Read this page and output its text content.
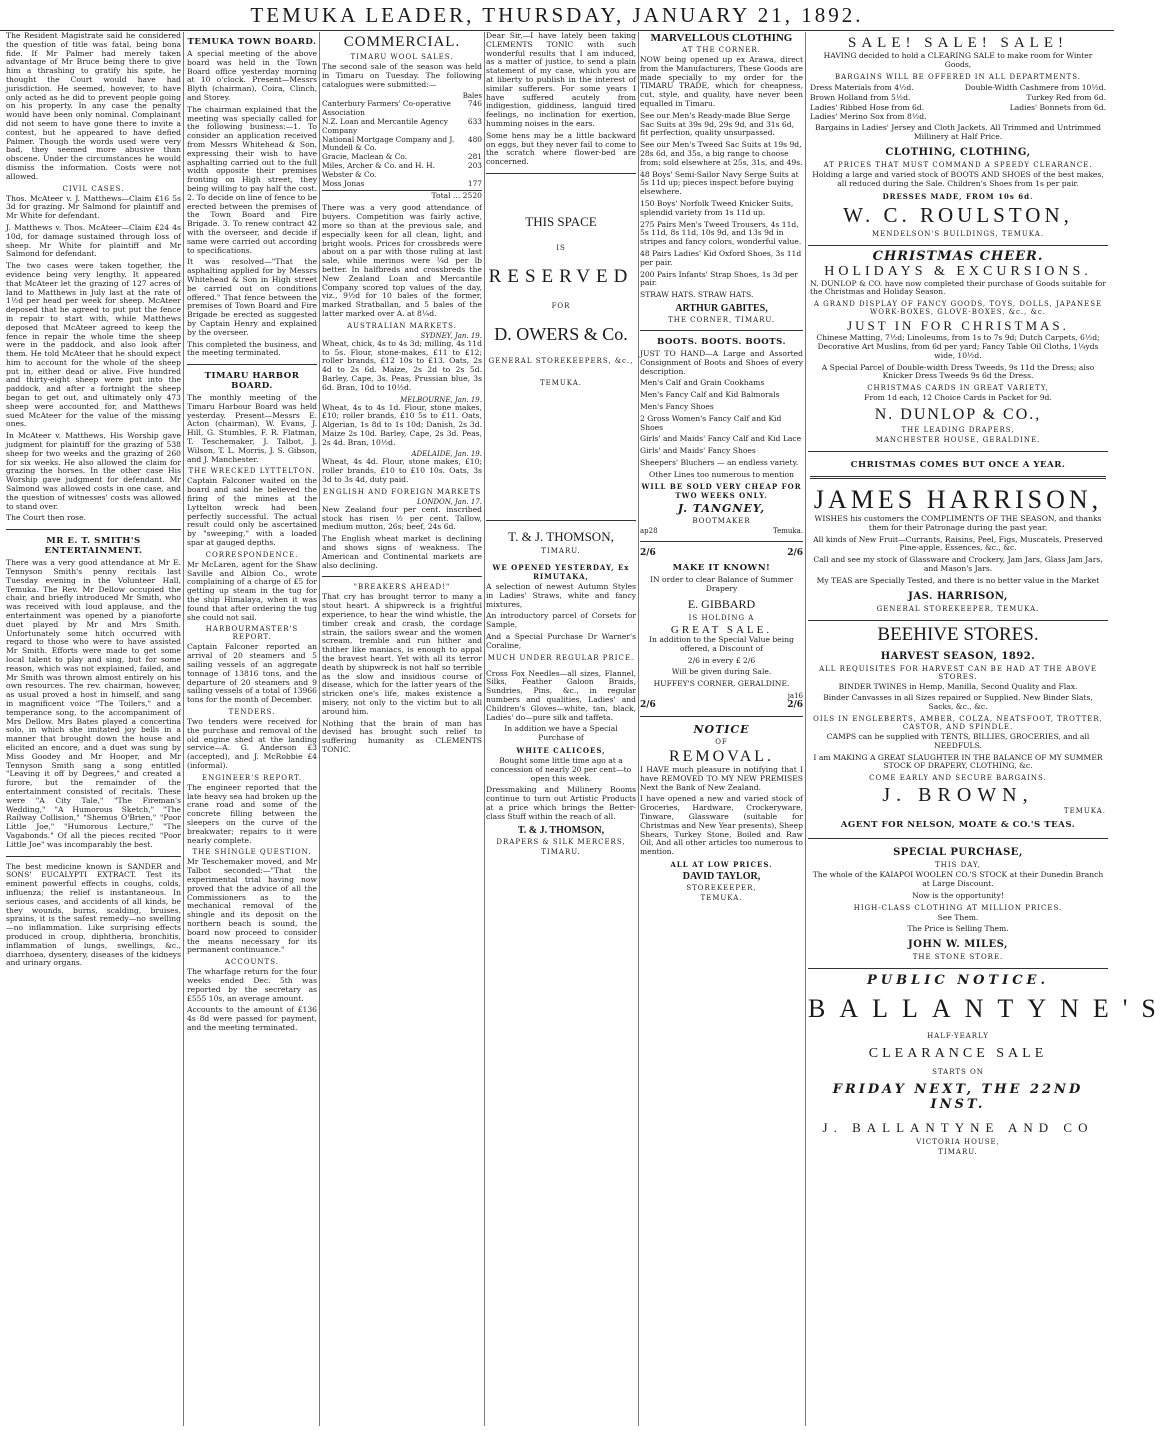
TEMUKA LEADER, THURSDAY, JANUARY 21, 1892.

The Resident Magistrate said he considered the question of title was fatal, being bona fide. If Mr Palmer had merely taken advantage of Mr Bruce being there to give him a thrashing to gratify his spite, he thought the Court would have had jurisdiction. He seemed, however, to have only acted as he did to prevent people going on his property. In any case the penalty would have been only nominal. Complainant did not seem to have gone there to invite a contest, but he appeared to have defied Palmer. Though the words used were very bad, they seemed more abusive than obscene. Under the circumstances he would dismiss the information. Costs were not allowed.

CIVIL CASES.

Thos. McAteer v. J. Matthews—Claim £16 5s 3d for grazing. Mr Salmond for plaintiff and Mr White for defendant.

J. Matthews v. Thos. McAteer—Claim £24 4s 10d, for damage sustained through loss of sheep. Mr White for plaintiff and Mr Salmond for defendant.

The two cases were taken together, the evidence being very lengthy. It appeared that McAteer let the grazing of 127 acres of land to Matthews in July last at the rate of 1½d per head per week for sheep. McAteer deposed that he agreed to put put the fence in repair to start with, while Matthews deposed that McAteer agreed to keep the fence in repair the whole time the sheep were in the paddock, and also look after them. He told McAteer that he should expect him to account for the whole of the sheep put in, either dead or alive. Five hundred and thirty-eight sheep were put into the paddock, and after a fortnight the sheep began to get out, and ultimately only 473 sheep were accounted for, and Matthews sued McAteer for the value of the missing ones.

In McAteer v. Matthews, His Worship gave judgment for plaintiff for the grazing of 538 sheep for two weeks and the grazing of 260 for six weeks. He also allowed the claim for grazing the horses. In the other case His Worship gave judgment for defendant. Mr Salmond was allowed costs in one case, and the question of witnesses' costs was allowed to stand over.

The Court then rose.

MR E. T. SMITH'S ENTERTAINMENT.

There was a very good attendance at Mr E. Tennyson Smith's penny recitals last Tuesday evening in the Volunteer Hall, Temuka. The Rev. Mr Dellow occupied the chair, and briefly introduced Mr Smith, who was received with loud applause, and the entertainment was opened by a pianoforte duet played by Mr and Mrs Smith. Unfortunately some hitch occurred with regard to those who were to have assisted Mr Smith. Efforts were made to get some local talent to play and sing, but for some reason, which was not explained, failed, and Mr Smith was thrown almost entirely on his own resources. The rev. chairman, however, as usual proved a host in himself, and sang in magnificent voice "The Toilers," and a temperance song, to the accompaniment of Mrs Dellow. Mrs Bates played a concertina solo, in which she imitated joy bells in a manner that brought down the house and elicited an encore, and a duet was sung by Miss Goodey and Mr Hooper, and Mr Tennyson Smith sang a song entitled "Leaving it off by Degrees," and created a furore, but the remainder of the entertainment consisted of recitals. These were "A City Tale," "The Fireman's Wedding," "A Humorous Sketch," "The Railway Collision," "Shemus O'Brien," "Poor Little Joe," "Humorous Lecture," "The Vagabonds." Of all the pieces recited "Poor Little Joe" was incomparably the best.

The best medicine known is SANDER and SONS' EUCALYPTI EXTRACT. Test its eminent powerful effects in coughs, colds, influenza; the relief is instantaneous. In serious cases, and accidents of all kinds, be they wounds, burns, scalding, bruises, sprains, it is the safest remedy—no swelling—no inflammation. Like surprising effects produced in croup, diphtheria, bronchitis, inflammation of lungs, swellings, &c., diarrhoea, dysentery, diseases of the kidneys and urinary organs.

TEMUKA TOWN BOARD.

A special meeting of the above board was held in the Town Board office yesterday morning at 10 o'clock. Present—Messrs Blyth (chairman), Coira, Clinch, and Storey.

The chairman explained that the meeting was specially called for the following business:—1. To consider an application received from Messrs Whitehead & Son, expressing their wish to have asphalting carried out to the full width opposite their premises fronting on High street, they being willing to pay half the cost. 2. To decide on line of fence to be erected between the premises of the Town Board and Fire Brigade. 3. To renew contract 42 with the overseer, and decide if same were carried out according to specifications.

It was resolved—"That the asphalting applied for by Messrs Whitehead & Son in High street be carried out on conditions offered." That fence between the premises of Town Board and Fire Brigade be erected as suggested by Captain Henry and explained by the overseer.

This completed the business, and the meeting terminated.

TIMARU HARBOR BOARD.

The monthly meeting of the Timaru Harbour Board was held yesterday. Present—Messrs E. Acton (chairman), W. Evans, J. Hill, G. Stumbles, F. R. Flatman, T. Teschemaker, J. Talbot, J. Wilson, T. L. Morris, J. S. Gibson, and J. Manchester.

THE WRECKED LYTTELTON.

Captain Falconer waited on the board and said he believed the firing of the mines at the Lyttelton wreck had been perfectly successful. The actual result could only be ascertained by "sweeping," with a loaded spar at gauged depths.

CORRESPONDENCE.

Mr McLaren, agent for the Shaw Saville and Albion Co., wrote complaining of a charge of £5 for getting up steam in the tug for the ship Himalaya, when it was found that after ordering the tug she could not sail.

HARBOURMASTER'S REPORT.

Captain Falconer reported an arrival of 20 steamers and 5 sailing vessels of an aggregate tonnage of 13816 tons, and the departure of 20 steamers and 9 sailing vessels of a total of 13966 tons for the month of December.

TENDERS.

Two tenders were received for the purchase and removal of the old engine shed at the landing service—A. G. Anderson £3 (accepted), and J. McRobbie £4 (informal).

ENGINEER'S REPORT.

The engineer reported that the late heavy sea had broken up the crane road and some of the concrete filling between the sleepers on the curve of the breakwater; repairs to it were nearly complete.

THE SHINGLE QUESTION.

Mr Teschemaker moved, and Mr Talbot seconded:—"That the experimental trial having now proved that the advice of all the Commissioners as to the mechanical removal of the shingle and its deposit on the northern beach is sound, the board now proceed to consider the means necessary for its permanent continuance."

ACCOUNTS.

The wharfage return for the four weeks ended Dec. 5th was reported by the secretary as £555 10s, an average amount.

Accounts to the amount of £136 4s 8d were passed for payment, and the meeting terminated.

COMMERCIAL.
TIMARU WOOL SALES.

The second sale of the season was held in Timaru on Tuesday. The following catalogues were submitted:—

Bales
Canterbury Farmers' Co-operative Association
746
N.Z. Loan and Mercantile Agency Company
633
National Mortgage Company and J. Mundell & Co.
480
Gracie, Maclean & Co.	281
Miles, Archer & Co. and H. H. Webster & Co.
203
Moss Jonas	177
Total ... 2520

There was a very good attendance of buyers. Competition was fairly active, more so than at the previous sale, and especially keen for all clean, light, and bright wools. Prices for crossbreds were about on a par with those ruling at last sale, while merinos were ¼d per lb better. In halfbreds and crossbreds the New Zealand Loan and Mercantile Company scored top values of the day, viz., 9½d for 10 bales of the former, marked Stratballan, and 5 bales of the latter marked over A. at 8¼d.

AUSTRALIAN MARKETS.
SYDNEY, Jan. 19.

Wheat, chick, 4s to 4s 3d; milling, 4s 11d to 5s. Flour, stone-makes, £11 to £12; roller brands, £12 10s to £13. Oats, 2s 4d to 2s 6d. Maize, 2s 2d to 2s 5d. Barley, Cape, 3s. Peas, Prussian blue, 3s 6d. Bran, 10d to 10½d.

MELBOURNE, Jan. 19.

Wheat, 4s to 4s 1d. Flour, stone makes, £10; roller brands, £10 5s to £11. Oats, Algerian, 1s 8d to 1s 10d; Danish, 2s 3d. Maize 2s 10d. Barley, Cape, 2s 3d. Peas, 2s 4d. Bran, 10½d.

ADELAIDE, Jan. 19.

Wheat, 4s 4d. Flour, stone makes, £10; roller brands, £10 to £10 10s. Oats, 3s 3d to 3s 4d, duty paid.

ENGLISH AND FOREIGN MARKETS
LONDON, Jan. 17.

New Zealand four per cent. inscribed stock has risen ½ per cent. Tallow, medium mutton, 26s; beef, 24s 6d.

The English wheat market is declining and shows signs of weakness. The American and Continental markets are also declining.

"BREAKERS AHEAD!"

That cry has brought terror to many a stout heart. A shipwreck is a frightful experience, to hear the wind whistle, the timber creak and crash, the cordage strain, the sailors swear and the women scream, tremble and run hither and thither like maniacs, is enough to appal the bravest heart. Yet with all its terror death by shipwreck is not half so terrible as the slow and insidious course of disease, which for the latter years of the stricken one's life, makes existence a misery, not only to the victim but to all around him.

Nothing that the brain of man has devised has brought such relief to suffering humanity as CLEMENTS TONIC.

Dear Sir,—I have lately been taking CLEMENTS TONIC with such wonderful results that I am induced, as a matter of justice, to send a plain statement of my case, which you are at liberty to publish in the interest of similar sufferers. For some years I have suffered acutely from indigestion, giddiness, languid tired feelings, no inclination for exertion, humming noises in the ears.

Some hens may be a little backward on eggs, but they never fail to come to the scratch where flower-bed are concerned.

THIS SPACE
IS
RESERVED
FOR
D. OWERS & Co.
GENERAL STOREKEEPERS, &c.,
TEMUKA.
T. & J. THOMSON,
TIMARU.
WE OPENED YESTERDAY, Ex RIMUTAKA,

A selection of newest Autumn Styles in Ladies' Straws, white and fancy mixtures,

An introductory parcel of Corsets for Sample,

And a Special Purchase Dr Warner's Coraline,

MUCH UNDER REGULAR PRICE.

Cross Fox Needles—all sizes, Flannel, Silks, Feather Galoon Braids, Sundries, Pins, &c., in regular numbers and qualities, Ladies' and Children's Gloves—white, tan, black, Ladies' do—pure silk and taffeta.

In addition we have a Special Purchase of

WHITE CALICOES,

Bought some little time ago at a concession of nearly 20 per cent—to open this week.

Dressmaking and Millinery Rooms continue to turn out Artistic Products at a price which brings the Better-class Stuff within the reach of all.

T. & J. THOMSON,
DRAPERS & SILK MERCERS,
TIMARU.
MARVELLOUS CLOTHING
AT THE CORNER.

NOW being opened up ex Arawa, direct from the Manufacturers, These Goods are made specially to my order for the TIMARU TRADE, which for cheapness, cut, style, and quality, have never been equalled in Timaru.

See our Men's Ready-made Blue Serge Sac Suits at 39s 9d, 29s 9d, and 31s 6d, fit perfection, quality unsurpassed.

See our Men's Tweed Sac Suits at 19s 9d, 28s 6d, and 35s, a big range to choose from; sold elsewhere at 25s, 31s, and 49s.

48 Boys' Semi-Sailor Navy Serge Suits at 5s 11d up; pieces inspect before buying elsewhere.

150 Boys' Norfolk Tweed Knicker Suits, splendid variety from 1s 11d up.

275 Pairs Men's Tweed Trousers, 4s 11d, 5s 11d, 8s 11d, 10s 9d, and 13s 9d in stripes and fancy colors, wonderful value.

48 Pairs Ladies' Kid Oxford Shoes, 3s 11d per pair.

200 Pairs Infants' Strap Shoes, 1s 3d per pair.

STRAW HATS. STRAW HATS.

ARTHUR GABITES,
THE CORNER, TIMARU.
BOOTS. BOOTS. BOOTS.

JUST TO HAND—A Large and Assorted Consignment of Boots and Shoes of every description.

Men's Calf and Grain Cookhams

Men's Fancy Calf and Kid Balmorals

Men's Fancy Shoes

2 Gross Women's Fancy Calf and Kid Shoes

Girls' and Maids' Fancy Calf and Kid Lace

Girls' and Maids' Fancy Shoes

Sheepers' Bluchers — an endless variety.

Other Lines too numerous to mention

WILL BE SOLD VERY CHEAP FOR TWO WEEKS ONLY.
J. TANGNEY,
BOOTMAKER
ap28	Temuka.
2/6	2/6
MAKE IT KNOWN!

IN order to clear Balance of Summer Drapery

E. GIBBARD
IS HOLDING A
GREAT SALE.

In addition to the Special Value being offered, a Discount of

2/6 in every £ 2/6

Will be given during Sale.

HUFFEY'S CORNER, GERALDINE.

ja16
2/6	2/6
NOTICE
OF
REMOVAL.

I HAVE much pleasure in notifying that I have REMOVED TO MY NEW PREMISES Next the Bank of New Zealand.

I have opened a new and varied stock of Groceries, Hardware, Crockeryware, Tinware, Glassware (suitable for Christmas and New Year presents), Sheep Shears, Turkey Stone, Boiled and Raw Oil, And all other articles too numerous to mention.

ALL AT LOW PRICES.
DAVID TAYLOR,
STOREKEEPER,
TEMUKA.
SALE! SALE! SALE!

HAVING decided to hold a CLEARING SALE to make room for Winter Goods,

BARGAINS WILL BE OFFERED IN ALL DEPARTMENTS.
Dress Materials from 4½d.	Double-Width Cashmere from 10½d.
Brown Holland from 5½d.	Turkey Red from 6d.
Ladies' Ribbed Hose from 6d.	Ladies' Bonnets from 6d.

Ladies' Merino Sox from 8½d.

Bargains in Ladies' Jersey and Cloth Jackets. All Trimmed and Untrimmed Millinery at Half Price.

CLOTHING, CLOTHING,
AT PRICES THAT MUST COMMAND A SPEEDY CLEARANCE.

Holding a large and varied stock of BOOTS AND SHOES of the best makes, all reduced during the Sale. Children's Shoes from 1s per pair.

DRESSES MADE, FROM 10s 6d.
W. C. ROULSTON,
MENDELSON'S BUILDINGS, TEMUKA.
CHRISTMAS CHEER.
HOLIDAYS & EXCURSIONS.

N. DUNLOP & CO. have now completed their purchase of Goods suitable for the Christmas and Holiday Season.

A GRAND DISPLAY OF FANCY GOODS, TOYS, DOLLS, JAPANESE WORK-BOXES, GLOVE-BOXES, &c., &c.
JUST IN FOR CHRISTMAS.

Chinese Matting, 7½d; Linoleums, from 1s to 7s 9d; Dutch Carpets, 6½d; Decorative Art Muslins, from 6d per yard; Fancy Table Oil Cloths, 1¼yds wide, 10½d.

A Special Parcel of Double-width Dress Tweeds, 9s 11d the Dress; also Knicker Dress Tweeds 9s 6d the Dress.

CHRISTMAS CARDS IN GREAT VARIETY,

From 1d each, 12 Choice Cards in Packet for 9d.

N. DUNLOP & CO.,
THE LEADING DRAPERS,
MANCHESTER HOUSE, GERALDINE.
CHRISTMAS COMES BUT ONCE A YEAR.
JAMES HARRISON,

WISHES his customers the COMPLIMENTS OF THE SEASON, and thanks them for their Patronage during the past year.

All kinds of New Fruit—Currants, Raisins, Peel, Figs, Muscatels, Preserved Pine-apple, Essences, &c., &c.

Call and see my stock of Glassware and Crockery, Jam Jars, Glass Jam Jars, and Mason's Jars.

My TEAS are Specially Tested, and there is no better value in the Market

JAS. HARRISON,
GENERAL STOREKEEPER, TEMUKA.
BEEHIVE STORES.
HARVEST SEASON, 1892.
ALL REQUISITES FOR HARVEST CAN BE HAD AT THE ABOVE STORES.

BINDER TWINES in Hemp, Manilla, Second Quality and Flax.

Binder Canvasses in all Sizes repaired or Supplied. New Binder Slats, Sacks, &c., &c.

OILS IN ENGLEBERTS, AMBER, COLZA, NEATSFOOT, TROTTER, CASTOR, AND SPINDLE.

CAMPS can be supplied with TENTS, BILLIES, GROCERIES, and all NEEDFULS.

I am MAKING A GREAT SLAUGHTER IN THE BALANCE OF MY SUMMER STOCK OF DRAPERY, CLOTHING, &c.

COME EARLY AND SECURE BARGAINS.
J. BROWN,
TEMUKA.
AGENT FOR NELSON, MOATE & CO.'S TEAS.
SPECIAL PURCHASE,
THIS DAY,

The whole of the KAIAPOI WOOLEN CO.'S STOCK at their Dunedin Branch at Large Discount.

Now is the opportunity!

HIGH-CLASS CLOTHING AT MILLION PRICES.

See Them.

The Price is Selling Them.

JOHN W. MILES,
THE STONE STORE.
PUBLIC NOTICE.
BALLANTYNE'S
HALF-YEARLY
CLEARANCE SALE
STARTS ON
FRIDAY NEXT, THE 22ND INST.
J. BALLANTYNE AND CO
VICTORIA HOUSE,
TIMARU.
